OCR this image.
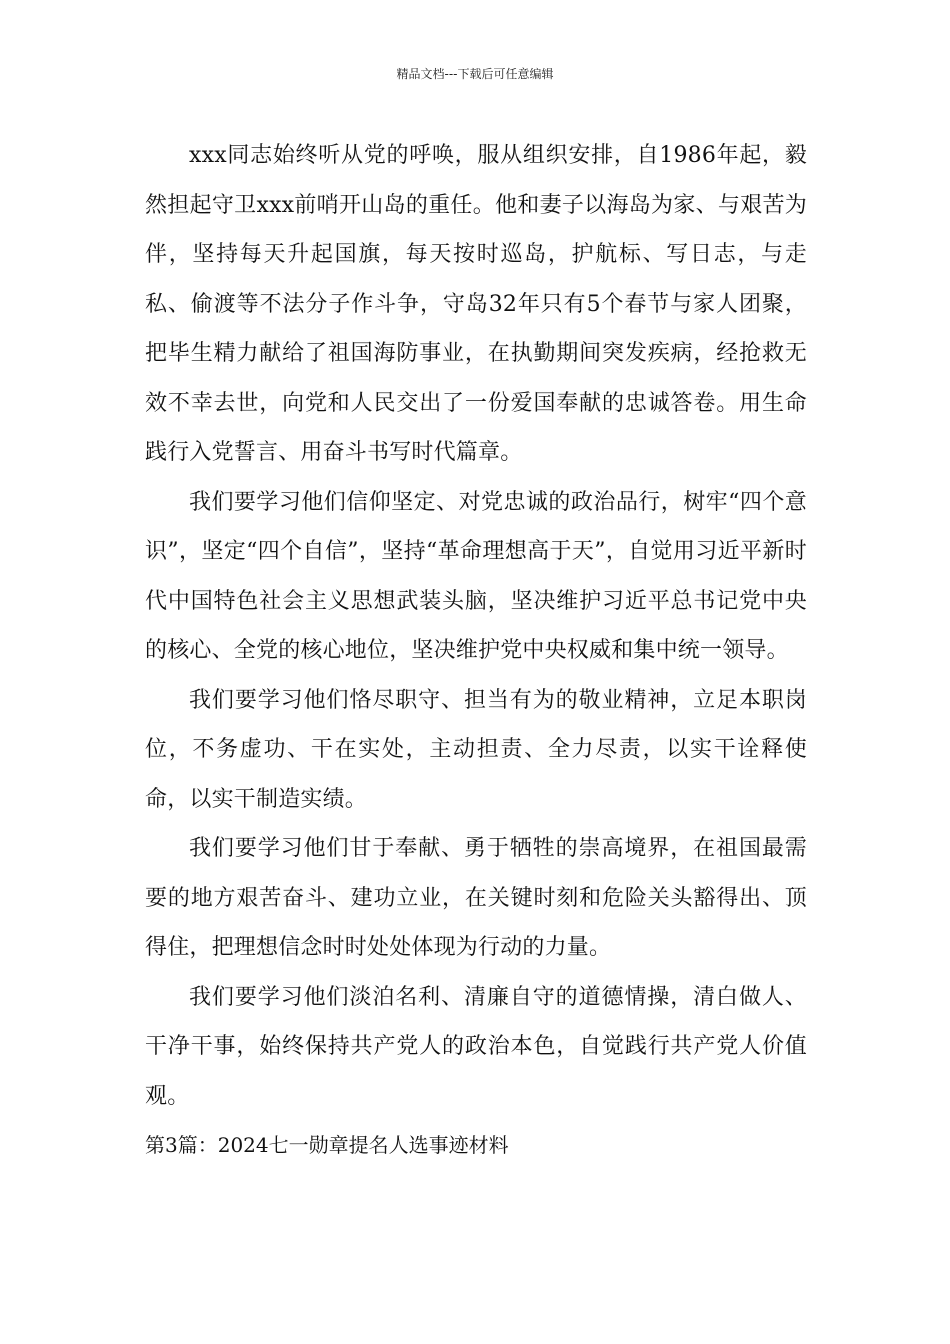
精品文档---下载后可任意编辑

xxx同志始终听从党的呼唤，服从组织安排，自1986年起，毅然担起守卫xxx前哨开山岛的重任。他和妻子以海岛为家、与艰苦为伴，坚持每天升起国旗，每天按时巡岛，护航标、写日志，与走私、偷渡等不法分子作斗争，守岛32年只有5个春节与家人团聚，把毕生精力献给了祖国海防事业，在执勤期间突发疾病，经抢救无效不幸去世，向党和人民交出了一份爱国奉献的忠诚答卷。用生命践行入党誓言、用奋斗书写时代篇章。

我们要学习他们信仰坚定、对党忠诚的政治品行，树牢“四个意识”，坚定“四个自信”，坚持“革命理想高于天”，自觉用习近平新时代中国特色社会主义思想武装头脑，坚决维护习近平总书记党中央的核心、全党的核心地位，坚决维护党中央权威和集中统一领导。

我们要学习他们恪尽职守、担当有为的敬业精神，立足本职岗位，不务虚功、干在实处，主动担责、全力尽责，以实干诠释使命，以实干制造实绩。

我们要学习他们甘于奉献、勇于牺牲的崇高境界，在祖国最需要的地方艰苦奋斗、建功立业，在关键时刻和危险关头豁得出、顶得住，把理想信念时时处处体现为行动的力量。

我们要学习他们淡泊名利、清廉自守的道德情操，清白做人、干净干事，始终保持共产党人的政治本色，自觉践行共产党人价值观。

第3篇：2024七一勋章提名人选事迹材料
